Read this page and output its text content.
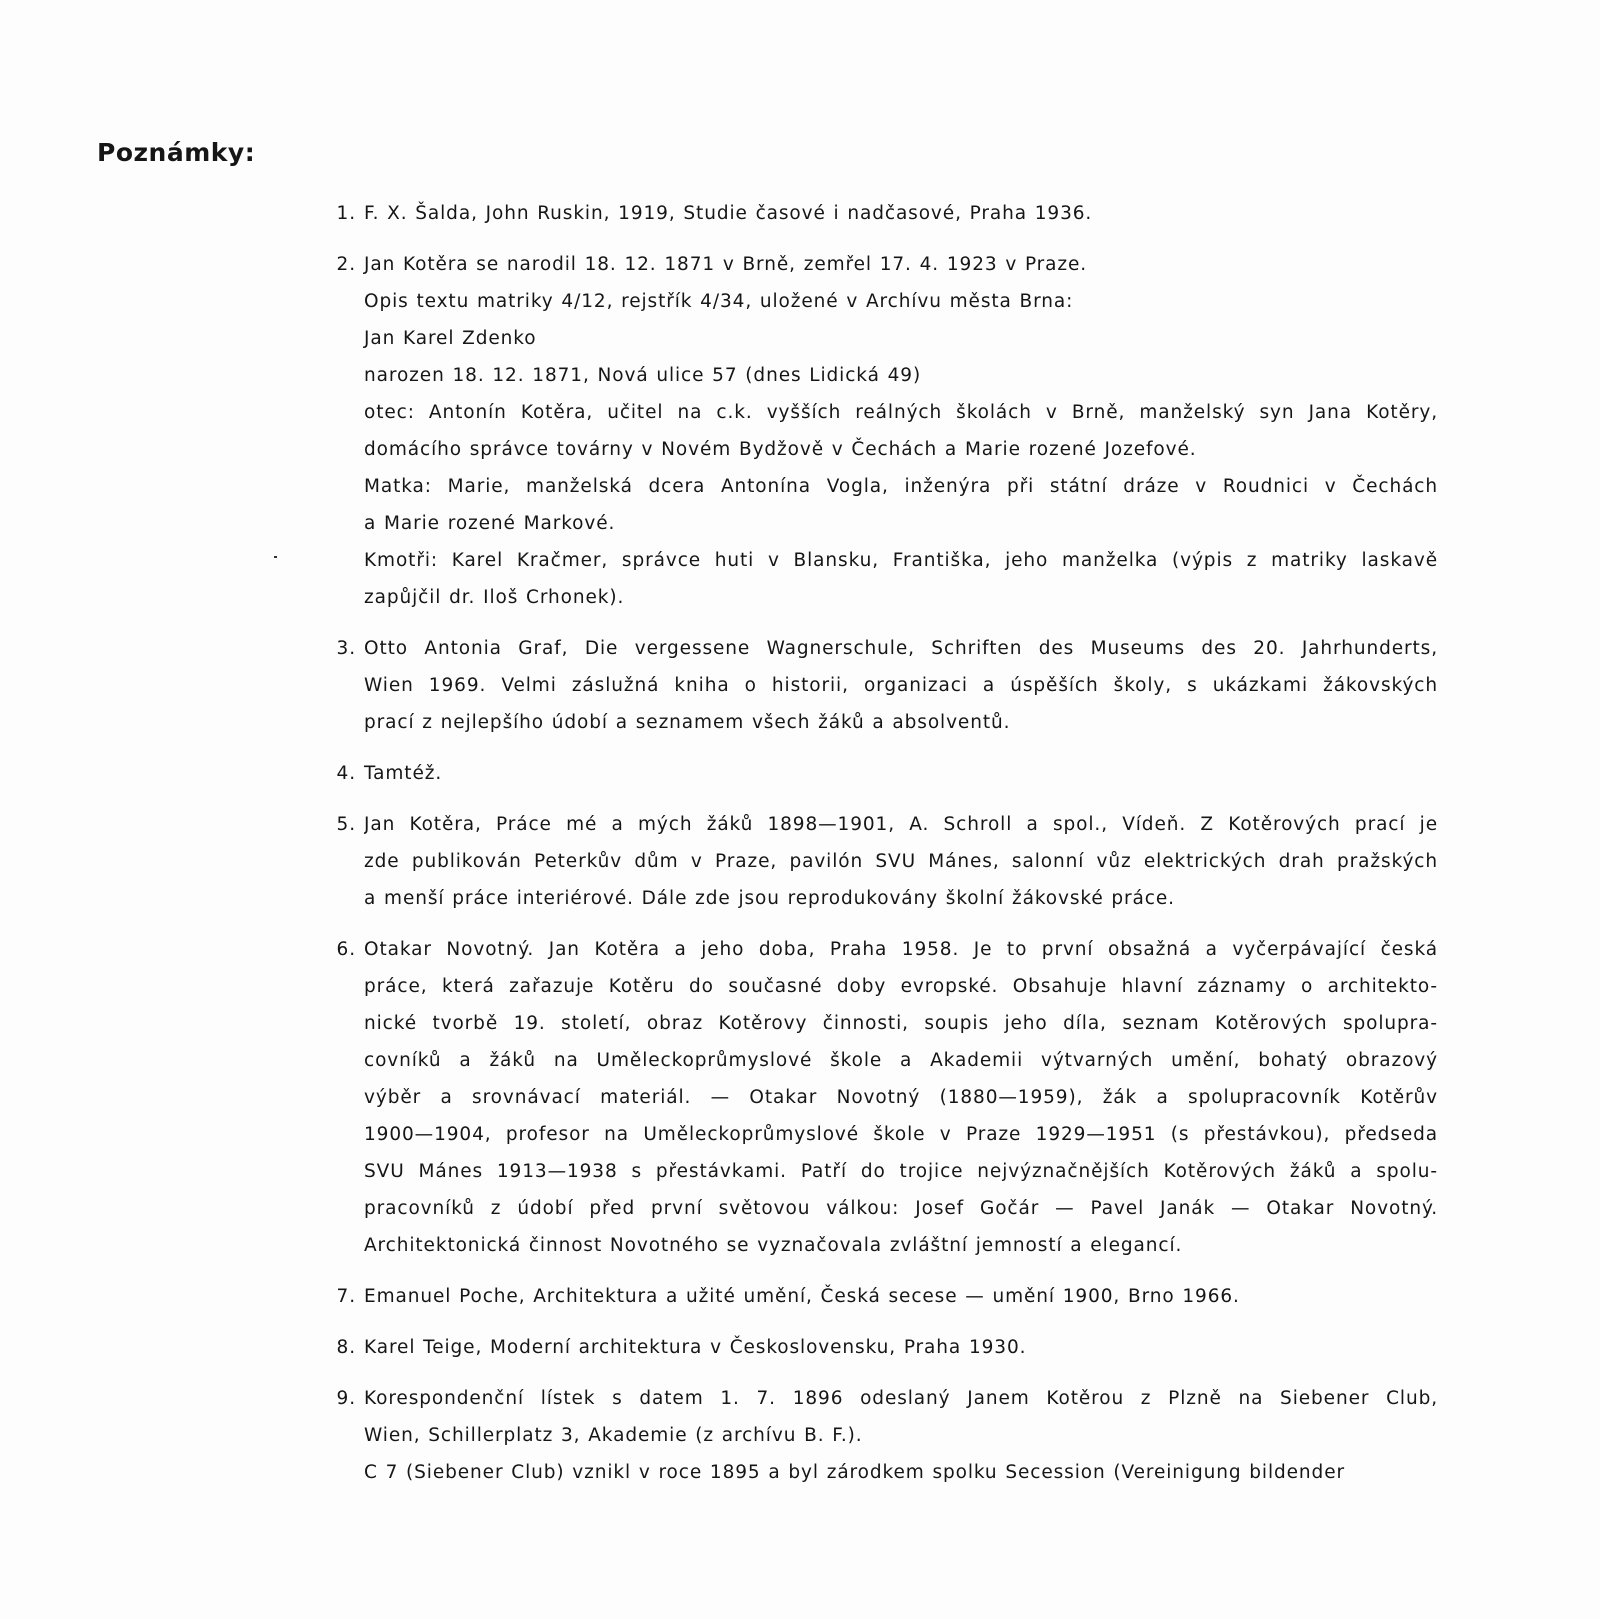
Poznámky:
1. F. X. Šalda, John Ruskin, 1919, Studie časové i nadčasové, Praha 1936.
2. Jan Kotěra se narodil 18. 12. 1871 v Brně, zemřel 17. 4. 1923 v Praze.
Opis textu matriky 4/12, rejstřík 4/34, uložené v Archívu města Brna:
Jan Karel Zdenko
narozen 18. 12. 1871, Nová ulice 57 (dnes Lidická 49)
otec: Antonín Kotěra, učitel na c.k. vyšších reálných školách v Brně, manželský syn Jana Kotěry,
domácího správce továrny v Novém Bydžově v Čechách a Marie rozené Jozefové.
Matka: Marie, manželská dcera Antonína Vogla, inženýra při státní dráze v Roudnici v Čechách
a Marie rozené Markové.
Kmotři: Karel Kračmer, správce huti v Blansku, Františka, jeho manželka (výpis z matriky laskavě
zapůjčil dr. Iloš Crhonek).
3. Otto Antonia Graf, Die vergessene Wagnerschule, Schriften des Museums des 20. Jahrhunderts,
Wien 1969. Velmi záslužná kniha o historii, organizaci a úspěších školy, s ukázkami žákovských
prací z nejlepšího údobí a seznamem všech žáků a absolventů.
4. Tamtéž.
5. Jan Kotěra, Práce mé a mých žáků 1898—1901, A. Schroll a spol., Vídeň. Z Kotěrových prací je
zde publikován Peterkův dům v Praze, pavilón SVU Mánes, salonní vůz elektrických drah pražských
a menší práce interiérové. Dále zde jsou reprodukovány školní žákovské práce.
6. Otakar Novotný. Jan Kotěra a jeho doba, Praha 1958. Je to první obsažná a vyčerpávající česká
práce, která zařazuje Kotěru do současné doby evropské. Obsahuje hlavní záznamy o architekto-
nické tvorbě 19. století, obraz Kotěrovy činnosti, soupis jeho díla, seznam Kotěrových spolupra-
covníků a žáků na Uměleckoprůmyslové škole a Akademii výtvarných umění, bohatý obrazový
výběr a srovnávací materiál. — Otakar Novotný (1880—1959), žák a spolupracovník Kotěrův
1900—1904, profesor na Uměleckoprůmyslové škole v Praze 1929—1951 (s přestávkou), předseda
SVU Mánes 1913—1938 s přestávkami. Patří do trojice nejvýznačnějších Kotěrových žáků a spolu-
pracovníků z údobí před první světovou válkou: Josef Gočár — Pavel Janák — Otakar Novotný.
Architektonická činnost Novotného se vyznačovala zvláštní jemností a elegancí.
7. Emanuel Poche, Architektura a užité umění, Česká secese — umění 1900, Brno 1966.
8. Karel Teige, Moderní architektura v Československu, Praha 1930.
9. Korespondenční lístek s datem 1. 7. 1896 odeslaný Janem Kotěrou z Plzně na Siebener Club,
Wien, Schillerplatz 3, Akademie (z archívu B. F.).
C 7 (Siebener Club) vznikl v roce 1895 a byl zárodkem spolku Secession (Vereinigung bildender
